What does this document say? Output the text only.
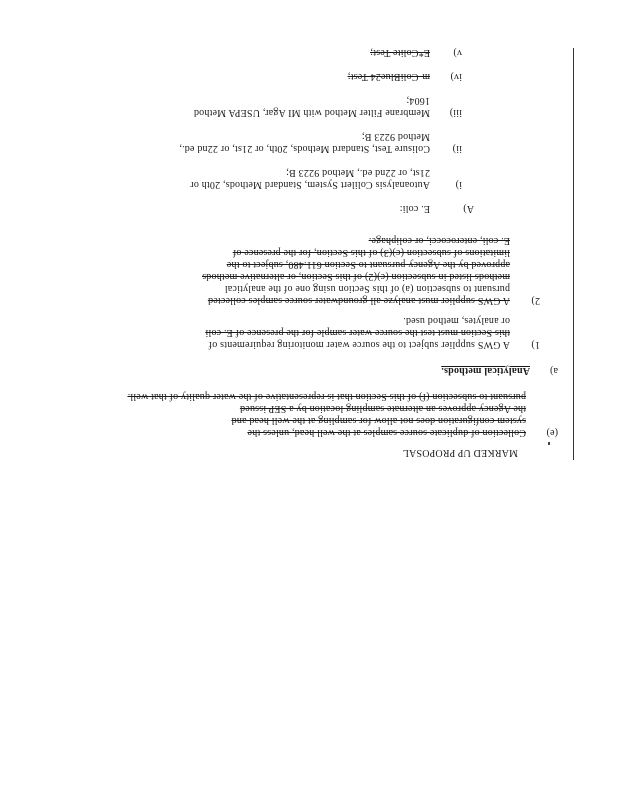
MARKED UP PROPOSAL
(e)
Collection of duplicate source samples at the well head, unless the
system configuration does not allow for sampling at the well head and
the Agency approves an alternate sampling location by a SEP issued
pursuant to subsection (f) of this Section that is representative of the water quality of that well.
a)
Analytical methods.
1)
A GWS supplier subject to the source water monitoring requirements of
this Section must test the source water sample for the presence of E. coli
or analytes, method used.
2)
A GWS supplier must analyze all groundwater source samples collected
pursuant to subsection (a) of this Section using one of the analytical
methods listed in subsection (c)(2) of this Section, or alternative methods
approved by the Agency pursuant to Section 611.480, subject to the
limitations of subsection (c)(3) of this Section, for the presence of
E. coli, enterococci, or coliphage.
A)
E. coli:
i)
Autoanalysis Colilert System, Standard Methods, 20th or
21st, or 22nd ed., Method 9223 B;
ii)
Colisure Test, Standard Methods, 20th, or 21st, or 22nd ed.,
Method 9223 B;
iii)
Membrane Filter Method with MI Agar, USEPA Method
1604;
iv)
m-ColiBlue24 Test;
v)
E*Colite Test;
